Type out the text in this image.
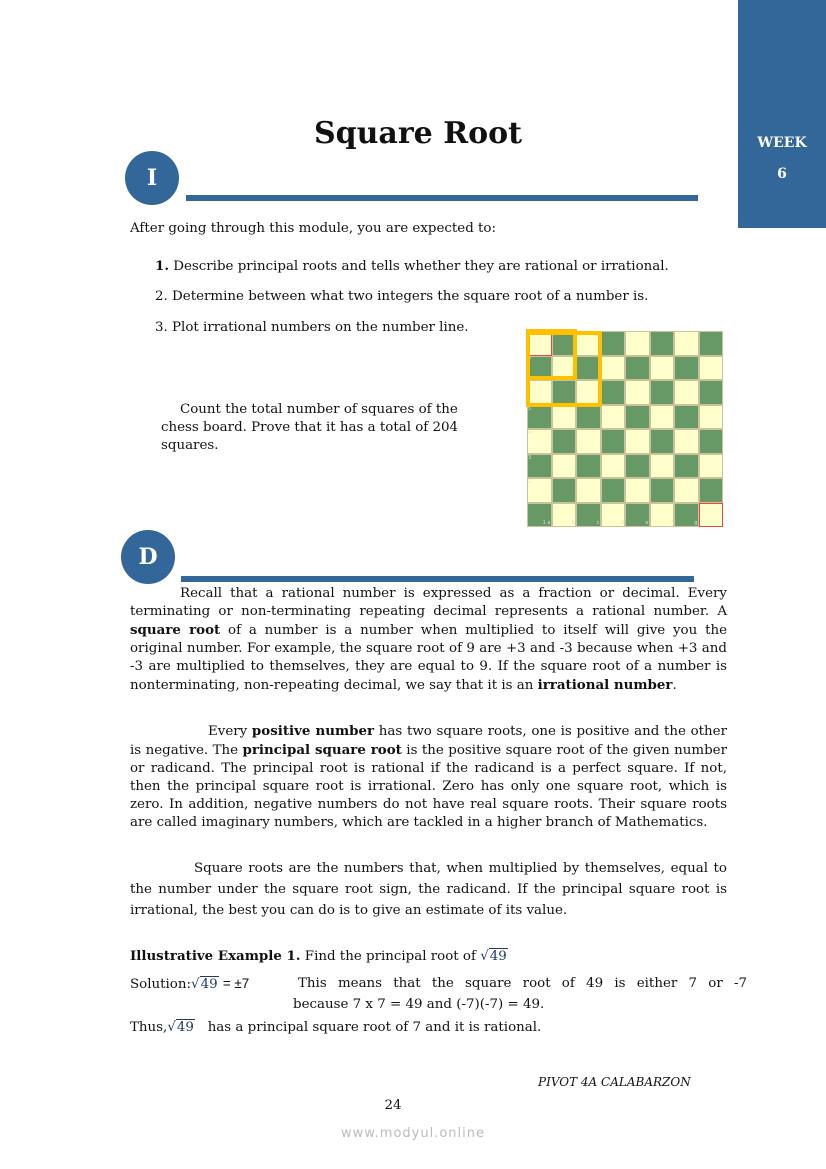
WEEK
6
Square Root
I

After going through this module, you are expected to:

1. Describe principal roots and tells whether they are rational or irrational.
2. Determine between what two integers the square root of a number is.
3. Plot irrational numbers on the number line.

Count the total number of squares of the chess board. Prove that it has a total of 204 squares.

7
6
5
4
3
2
1 a	b	c	d	e	f	g
D

Recall that a rational number is expressed as a fraction or decimal. Every terminating or non-terminating repeating decimal represents a rational number. A square root of a number is a number when multiplied to itself will give you the original number. For example, the square root of 9 are +3 and -3 because when +3 and -3 are multiplied to themselves, they are equal to 9. If the square root of a number is nonterminating, non-repeating decimal, we say that it is an irrational number.

Every positive number has two square roots, one is positive and the other is negative. The principal square root is the positive square root of the given number or radicand. The principal root is rational if the radicand is a perfect square. If not, then the principal square root is irrational. Zero has only one square root, which is zero. In addition, negative numbers do not have real square roots. Their square roots are called imaginary numbers, which are tackled in a higher branch of Mathematics.

Square roots are the numbers that, when multiplied by themselves, equal to the number under the square root sign, the radicand. If the principal square root is irrational, the best you can do is to give an estimate of its value.

Illustrative Example 1. Find the principal root of √49
Solution:√49 = ±7	This means that the square root of 49 is either 7 or -7
because 7 x 7 = 49 and (-7)(-7) = 49.
Thus,√49 has a principal square root of 7 and it is rational.
PIVOT 4A CALABARZON
24
www.modyul.online
